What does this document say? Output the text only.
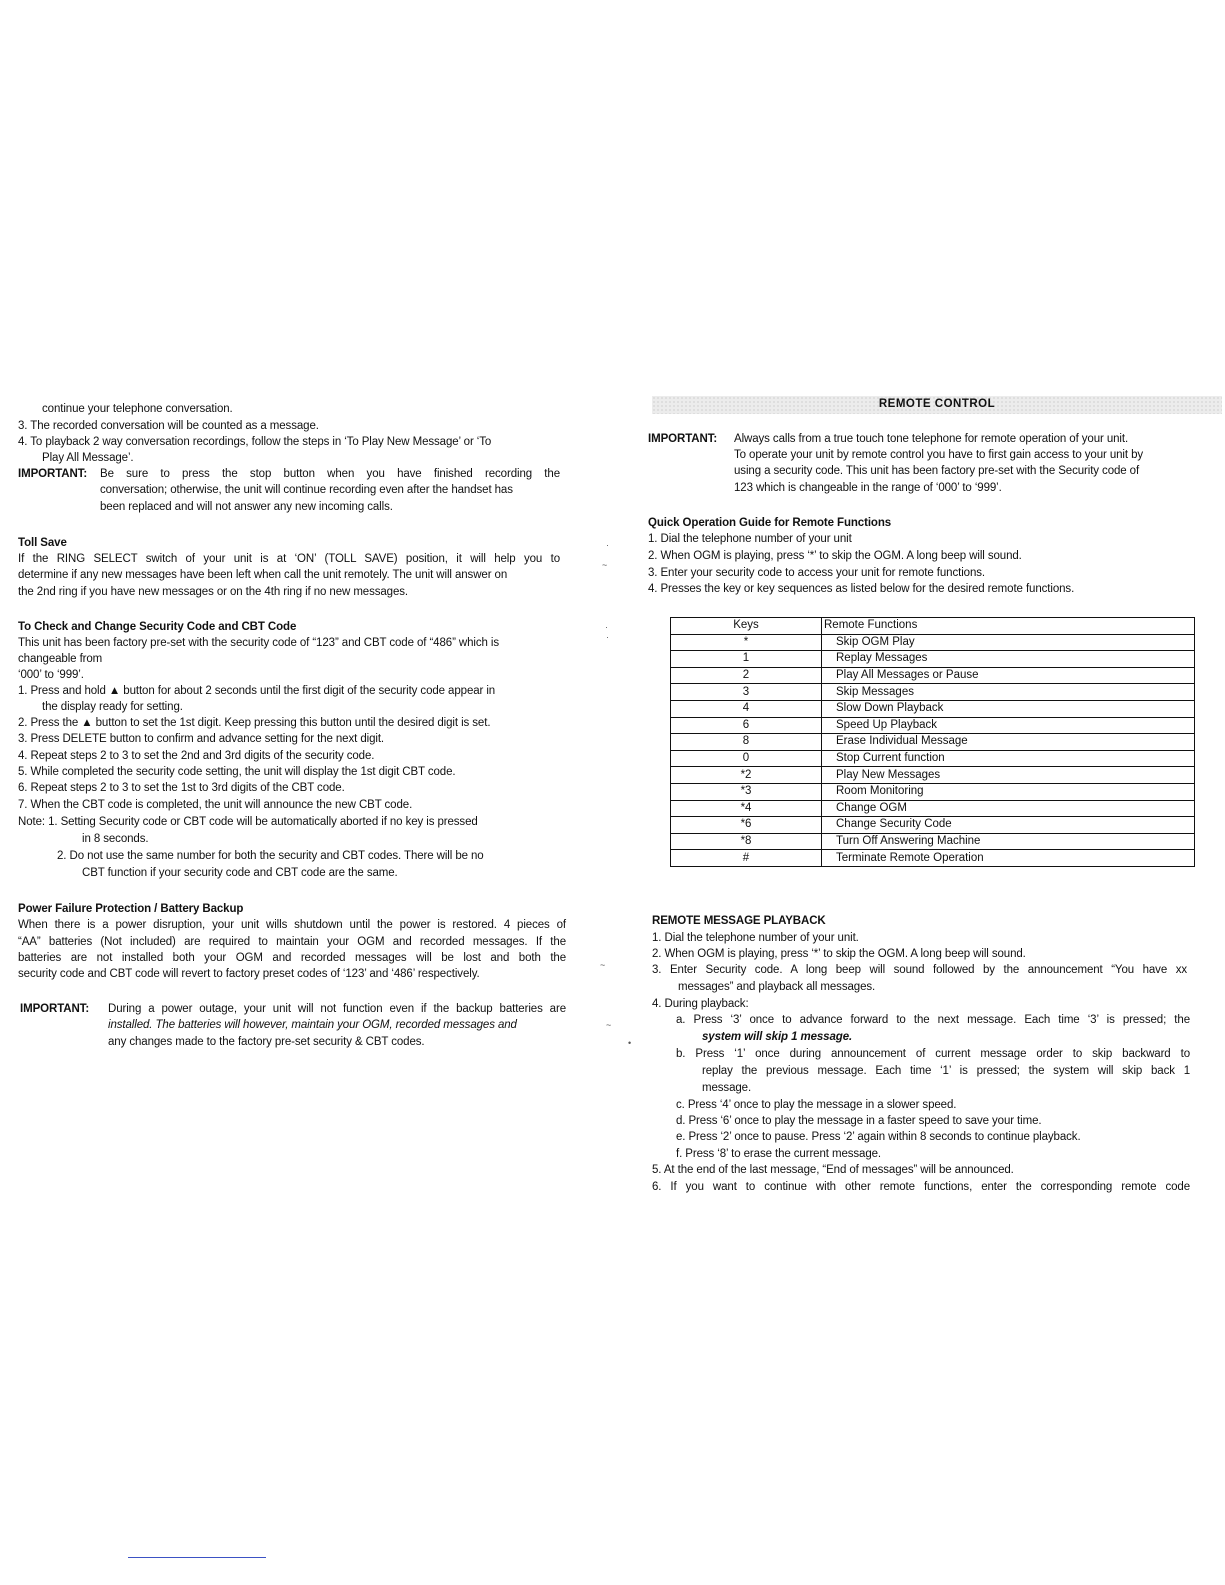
continue your telephone conversation.
3. The recorded conversation will be counted as a message.
4. To playback 2 way conversation recordings, follow the steps in ‘To Play New Message’ or ‘To
Play All Message’.
IMPORTANT: Be sure to press the stop button when you have finished recording the
conversation; otherwise, the unit will continue recording even after the handset has
been replaced and will not answer any new incoming calls.
Toll Save
If the RING SELECT switch of your unit is at ‘ON’ (TOLL SAVE) position, it will help you to
determine if any new messages have been left when call the unit remotely. The unit will answer on
the 2nd ring if you have new messages or on the 4th ring if no new messages.
To Check and Change Security Code and CBT Code
This unit has been factory pre-set with the security code of “123” and CBT code of “486” which is
changeable from
‘000’ to ‘999’.
1. Press and hold ▲ button for about 2 seconds until the first digit of the security code appear in
the display ready for setting.
2. Press the ▲ button to set the 1st digit. Keep pressing this button until the desired digit is set.
3. Press DELETE button to confirm and advance setting for the next digit.
4. Repeat steps 2 to 3 to set the 2nd and 3rd digits of the security code.
5. While completed the security code setting, the unit will display the 1st digit CBT code.
6. Repeat steps 2 to 3 to set the 1st to 3rd digits of the CBT code.
7. When the CBT code is completed, the unit will announce the new CBT code.
Note: 1. Setting Security code or CBT code will be automatically aborted if no key is pressed
in 8 seconds.
2. Do not use the same number for both the security and CBT codes. There will be no
CBT function if your security code and CBT code are the same.
Power Failure Protection / Battery Backup
When there is a power disruption, your unit wills shutdown until the power is restored. 4 pieces of
“AA” batteries (Not included) are required to maintain your OGM and recorded messages. If the
batteries are not installed both your OGM and recorded messages will be lost and both the
security code and CBT code will revert to factory preset codes of ‘123’ and ‘486’ respectively.
IMPORTANT: During a power outage, your unit will not function even if the backup batteries are
installed. The batteries will however, maintain your OGM, recorded messages and
any changes made to the factory pre-set security & CBT codes.
REMOTE CONTROL
IMPORTANT: Always calls from a true touch tone telephone for remote operation of your unit.
To operate your unit by remote control you have to first gain access to your unit by
using a security code. This unit has been factory pre-set with the Security code of
123 which is changeable in the range of ‘000’ to ‘999’.
Quick Operation Guide for Remote Functions
1. Dial the telephone number of your unit
2. When OGM is playing, press ‘*’ to skip the OGM. A long beep will sound.
3. Enter your security code to access your unit for remote functions.
4. Presses the key or key sequences as listed below for the desired remote functions.
Keys	Remote Functions
*	Skip OGM Play
1	Replay Messages
2	Play All Messages or Pause
3	Skip Messages
4	Slow Down Playback
6	Speed Up Playback
8	Erase Individual Message
0	Stop Current function
*2	Play New Messages
*3	Room Monitoring
*4	Change OGM
*6	Change Security Code
*8	Turn Off Answering Machine
#	Terminate Remote Operation
REMOTE MESSAGE PLAYBACK
1. Dial the telephone number of your unit.
2. When OGM is playing, press ‘*’ to skip the OGM. A long beep will sound.
3. Enter Security code. A long beep will sound followed by the announcement “You have xx
messages” and playback all messages.
4. During playback:
a. Press ‘3’ once to advance forward to the next message. Each time ‘3’ is pressed; the
system will skip 1 message.
b. Press ‘1’ once during announcement of current message order to skip backward to
replay the previous message. Each time ‘1’ is pressed; the system will skip back 1
message.
c. Press ‘4’ once to play the message in a slower speed.
d. Press ‘6’ once to play the message in a faster speed to save your time.
e. Press ‘2’ once to pause. Press ‘2’ again within 8 seconds to continue playback.
f. Press ‘8’ to erase the current message.
5. At the end of the last message, “End of messages” will be announced.
6. If you want to continue with other remote functions, enter the corresponding remote code
·
~
·
·
~
~
•
